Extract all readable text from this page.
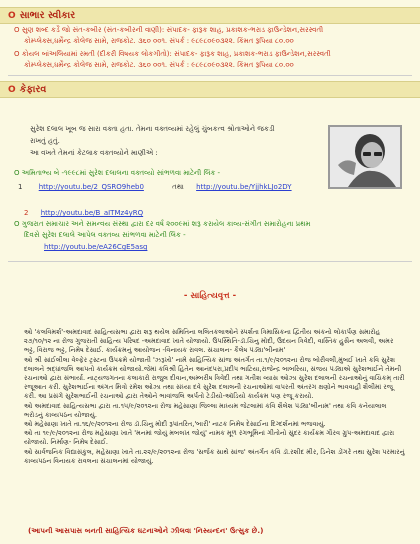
O સાભાર સ્વીકાર
O સુણ શબ્દ કર્ડે જો સંત-કબીર (સંત-કબીરની વાણી): સંપાદક- ફારૂક શાહ, પ્રકાશક-ભરાડ ફાઉન્ડેશન,સરસ્વતી
કોમ્પ્લેક્સ,ધર્મેન્દ્ર કોલેજ સામે, રાજકોટ. ૩૬૦ ૦૦૧. સંપર્ક : ૯૮૯૮૦૯૦૩૨૨. કિંમત રૂપિયા ૮૦.૦૦
O કોયલ બાંઅલિયામાં રમતી (દીકરી વિષયક લોકગીતો): સંપાદક- ફારૂક શાહ, પ્રકાશક-ભરાડ ફાઉન્ડેશન,સરસ્વતી
કોમ્પ્લેક્સ,ધર્મેન્દ્ર કોલેજ સામે, રાજકોટ. ૩૬૦ ૦૦૧. સંપર્ક : ૯૮૯૮૦૯૦૩૨૨. કિંમત રૂપિયા ૮૦.૦૦
O કેફારવ
સુરેશ દલાલ ખૂબ જ સારા વક્તા હતા. તેમના વક્તવ્યમાં રહેલું ચુંબકત્વ શ્રોતાઓને જકડી
રાખતું હતું.
આ વખતે તેમનાં કેટલાક વક્તવ્યોને માણીએ :
O અમિતાભ્ય બે -૧૯૯૮માં સુરેશ દલાલના વક્તવ્યો સાંભળવા માટેની લિંક -
1 http://youtu.be/2_QSRO9heb0	તથા http://youtu.be/YjjhkLJo2DY
2 http://youtu.be/B_aITMz4yRQ
O ગુજરાત સમાચાર અને સમન્વય સંસ્થા દ્વારા દર વર્ષ ૨૦૦૯માં શરૂ કરાયેલ કાવ્ય-સંગીત સમારોહના પ્રથમ
દિવસે સુરેશ દલાલે આપેલ વક્તવ્ય સાંભળવા માટેની લિંક -
http://youtu.be/eA26CgE5asg
- સાહિત્યવૃત્ત -

ઓ 'કલવિમર્શ'-અમદાવાદ સાહિત્યસભા દ્વારા શરૂ થયેલ સમિતિના લલિતકલાઓને સ્પર્શતા ત્રિમાસિકના દ્વિતીય અંકનો લોકાર્પણ સમારોહ ૨૭/૧૦/૧૨ ના રોજ ગુજરાતી સાહિત્ય પરિષદ -અમદાવાદ ખાતે યોજાયો. ઉપસ્થિતિ-ડૉ.ચિનુ મોદી, ઉદયન ત્રિવેદી, વાસ્તિક હુસૈન અલવી, અમર ભટ્ટ, વિરાજ ભટ્ટ, નિમેષ દેસાઈ. કાર્યક્રમનું આયોજન -વિનાયક રાવલ. સંચાલન- કૈલેષ પંડ્યા'બીનામ'

ઓ શ્રી સાંઈલીલા વેલ્ફેર ટ્રસ્ટના ઉપક્રમે યોજાતી 'ઝરૂખો' નામે સાહિત્યિક સાંજ અંતર્ગત તા.૧/૯/૨૦૧૨ના રોજ બોરીવલી,મુંબઈ ખાતે કવિ સુરેશ દલાલને શ્રદ્ધાંજલિ આપતો કાર્યક્રમ યોજાયો.જેમાં કવિશ્રી હિતેન આનંદપરા,પ્રદીપ ભાટિયા,રાજેન્દ્ર બાબરિયા, સંજય પંડ્યાએ સુરેશભાઈને તેમની રચનાઓ દ્વારા સંભાર્યા. નાટ્યજગતના કલાકારો રાજુલ દીવાન,અમ્બરીષ ત્રિવેદી તથા ગતીશ વ્યાસ ઓઝા સુરેશ દલાલની રચનાઓનું વાચિકમ્ તારી રજૂઆત કરી. સુરેશભાઈના અંગત મિત્રો રમેશ ઓઝા તથા સંધ્યા દવે સુરેશ દલાલની રચનાઓમાં વાપરતી અંતરંગ ક્ષણોને ભાવવાહી શૈલીમાં રજૂ કરી. આ પ્રસંગે સુરેશભાઈની રચનાઓ દ્વારા તેઓને ભાવાંજલિ અર્પતો ટેડીયો-ઑડિયો કાર્યક્રમ પણ રજૂ કરાયો.

ઓ અમદાવાદ સાહિત્યસભા દ્વારા તા.૧૫/૯/૨૦૧૨ના રોજ મહેસાણા જિલ્લા માધ્યમ જેટલામાં કવિ શૈલેશ પંડ્યા'બીનામ' તથા કવિ કનેયાલાલ ભરોડનું કાવ્યપઠન યોજાયું.

ઓ મહેસાણા ખાતે તા.૧૬/૯/૨૦૧૨ના રોજ ડૉ.ચિનુ મોદી રૂપાંતરિત,'બારી' નાટક નિમેષ દેસાઈના દિગ્દર્શનમાં ભજવાયું.

ઓ તા ૧૯/૯/૨૦૧૨ના રોજ મહેસાણા ખાતે 'મનમાં જોયું મબલખ જોયું' નામક મૂળ રંગભૂમિનાં ગીતોનો સુંદર કાર્યક્રમ ગૌરવ ગ્રુપ-અમદાવાદ દ્વારા યોજાયો. નિર્માણ- નિમેષ દેસાઈ.

ઓ સાર્વજનિક વિદ્યાસંકુલ, મહેસાણા ખાતે તા.૨૨/૯/૨૦૧૨ના રોજ 'સર્જક સાથે સાંજ' અંતર્ગત કવિ ડૉ.રશીદ મીર, ડિનેશ ડોંગરે તથા સુરેશ પરમારનું કાવ્યપઠન વિનાયક રાવલના સંચાલનમાં યોજાયું.

(આપની આસપાસ બનતી સાહિત્યિક ઘટનાઓને ઝીલવા 'નિસ્યન્દન' ઉત્સુક છે.)
